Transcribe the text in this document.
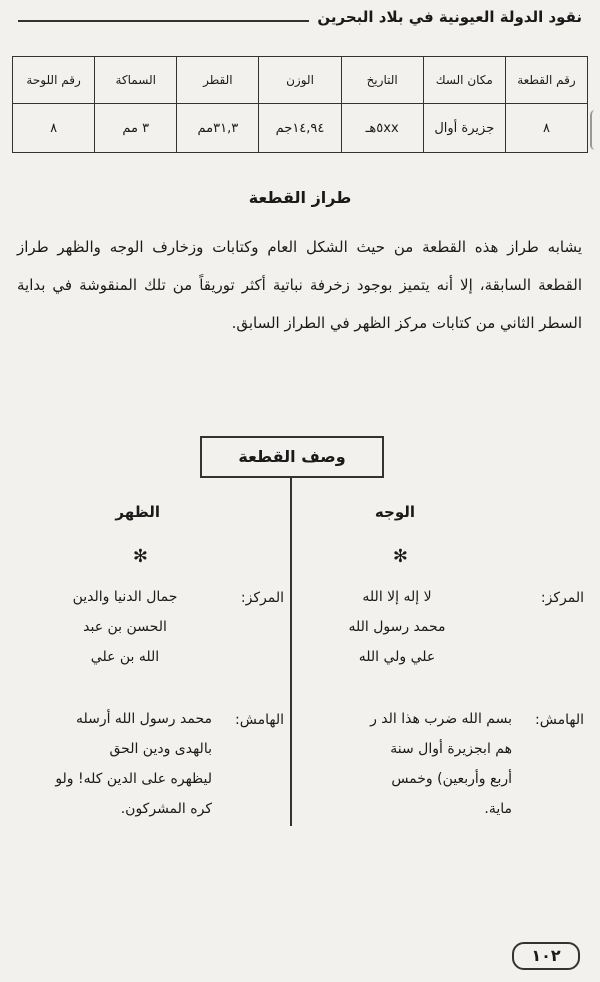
نقود الدولة العيونية في بلاد البحرين
رقم القطعة	مكان السك	التاريخ	الوزن	القطر	السماكة	رقم اللوحة
٨	جزيرة أوال	٥xxهـ	١٤,٩٤جم	٣١,٣مم	٣ مم	٨
طراز القطعة
يشابه طراز هذه القطعة من حيث الشكل العام وكتابات وزخارف الوجه والظهر طراز القطعة السابقة، إلا أنه يتميز بوجود زخرفة نباتية أكثر توريقاً من تلك المنقوشة في بداية السطر الثاني من كتابات مركز الظهر في الطراز السابق.
وصف القطعة
الوجه
✻
المركز:
لا إله إلا الله
محمد رسول الله
علي ولي الله
الهامش:
بسم الله ضرب هذا الد ر
هم ابجزيرة أوال سنة
أربع وأربعين) وخمس
ماية.
الظهر
✻
المركز:
جمال الدنيا والدين
الحسن بن عبد
الله بن علي
الهامش:
محمد رسول الله أرسله
بالهدى ودين الحق
ليظهره على الدين كله! ولو
كره المشركون.
١٠٢
